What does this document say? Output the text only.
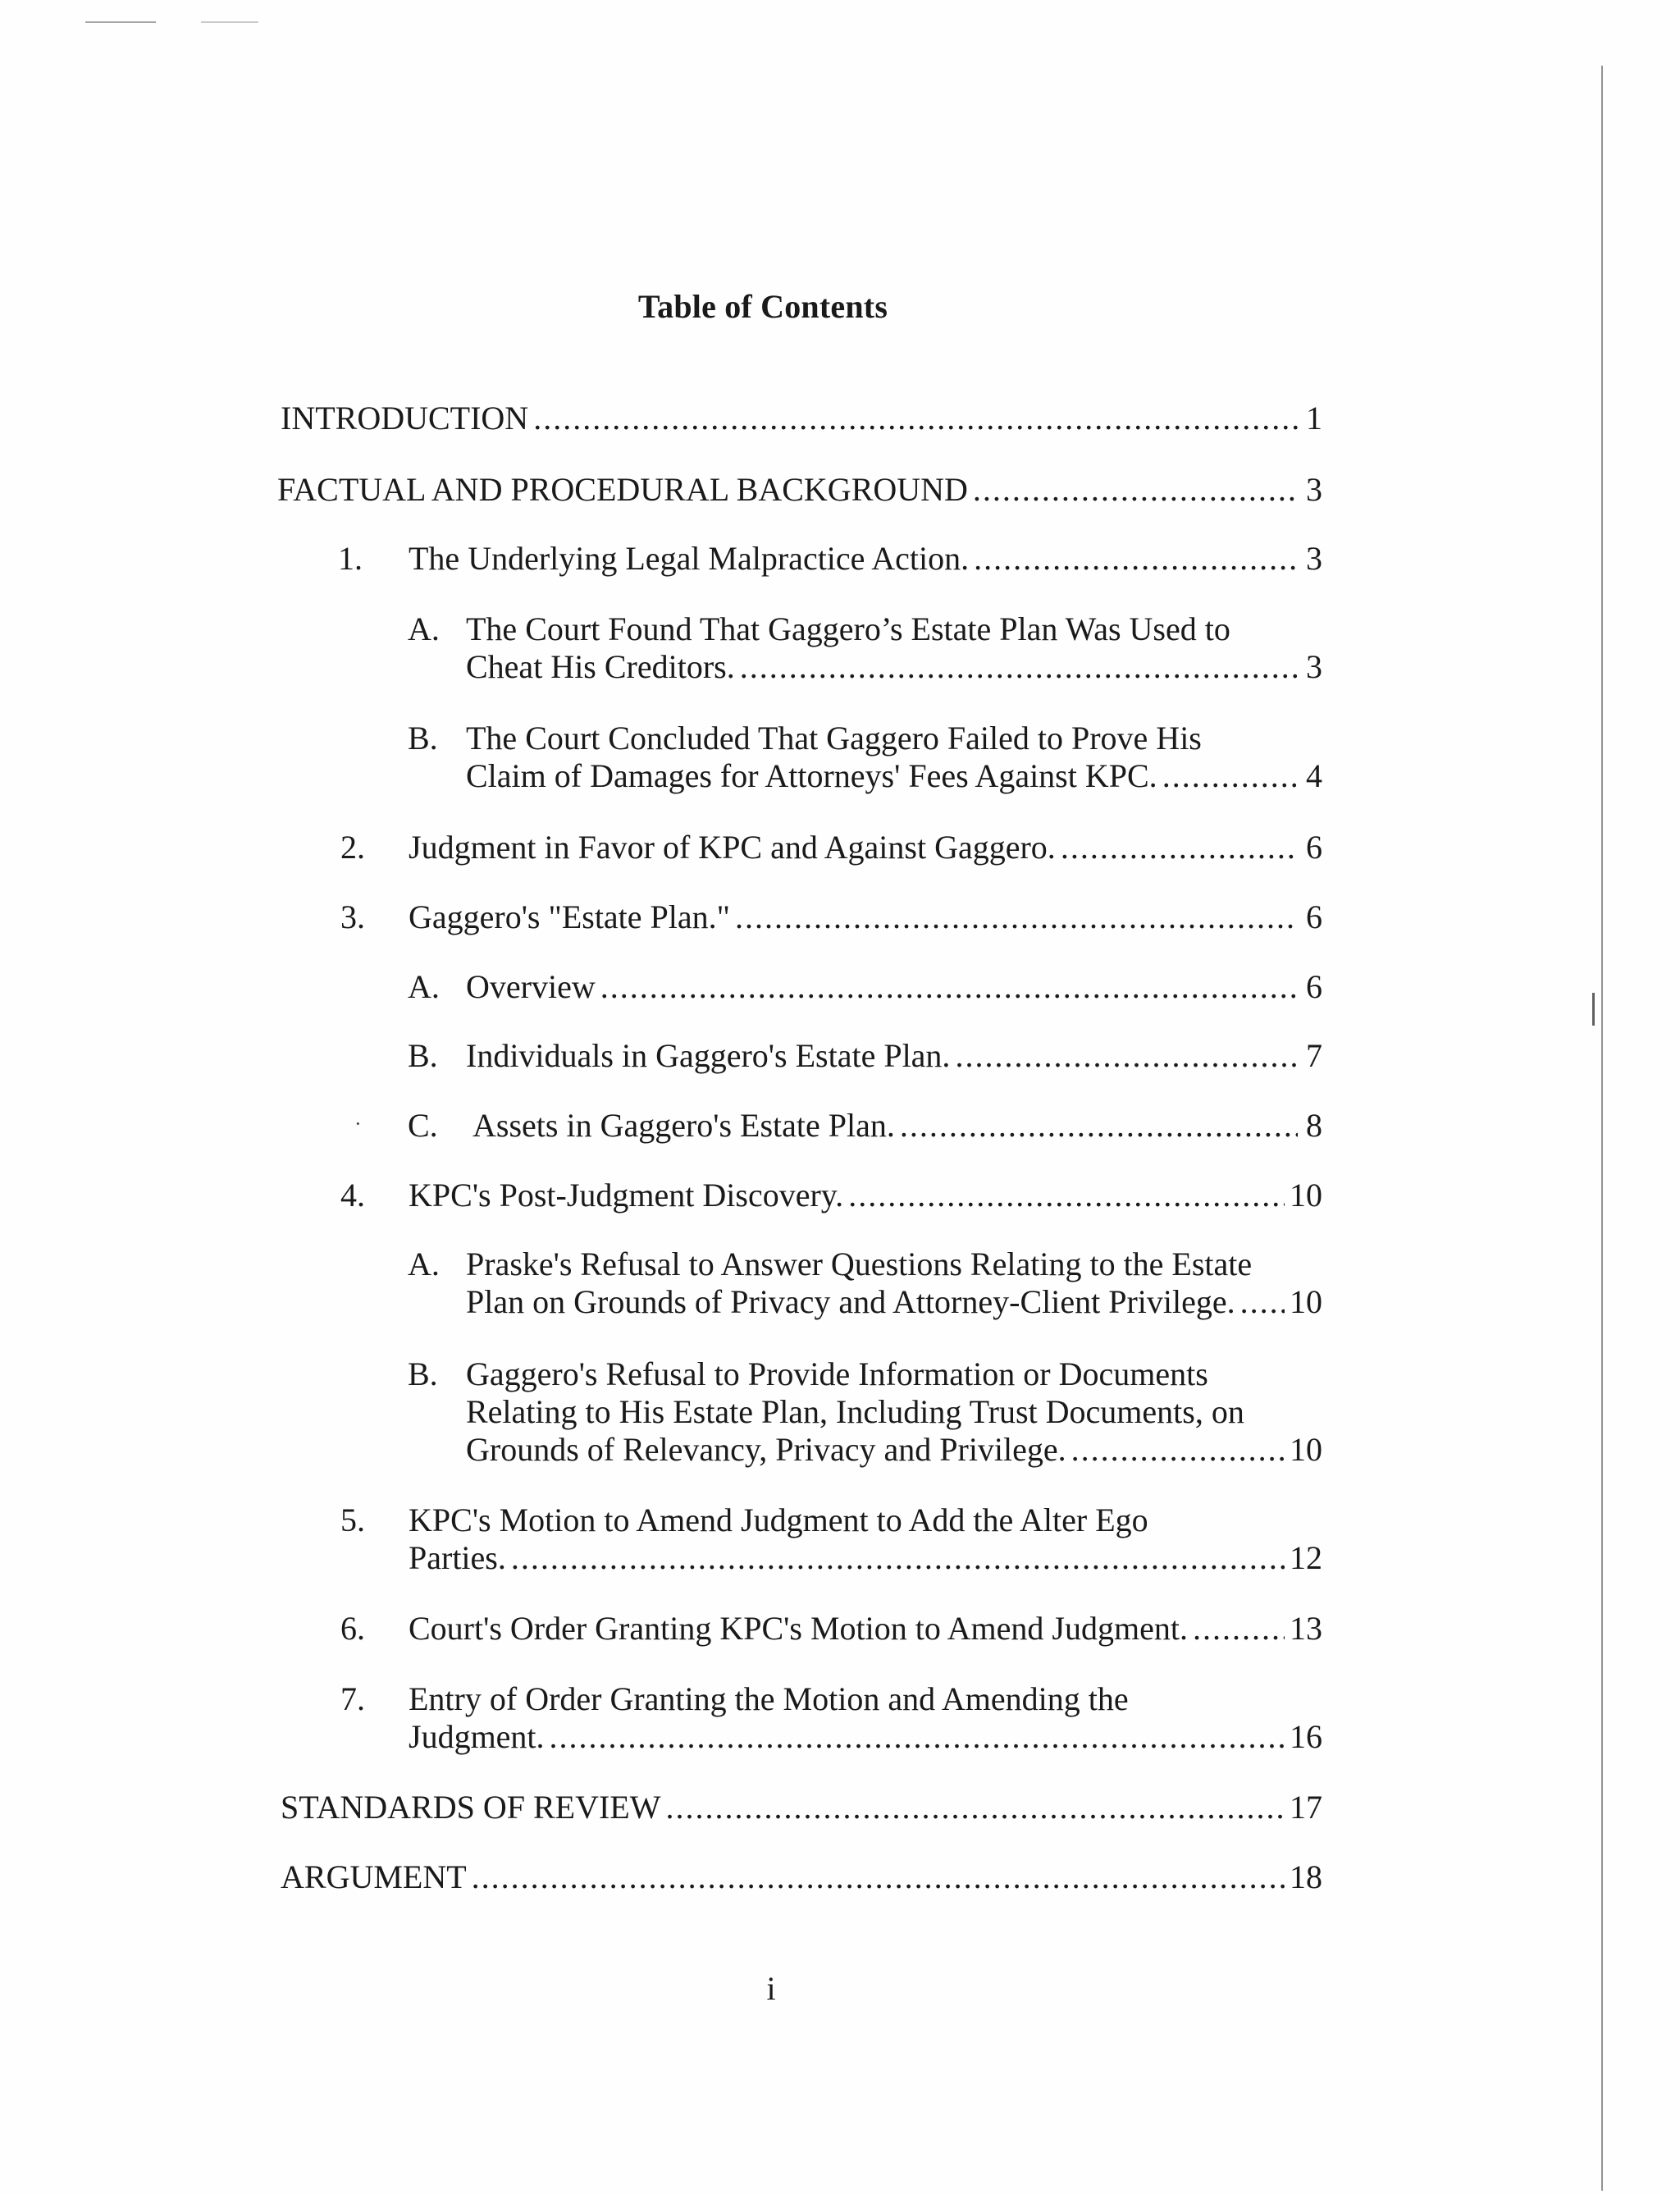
Table of Contents
INTRODUCTION .....	1
FACTUAL AND PROCEDURAL BACKGROUND .....	3
1. The Underlying Legal Malpractice Action. .....	3
A. The Court Found That Gaggero’s Estate Plan Was Used to
Cheat His Creditors. .....	3
B. The Court Concluded That Gaggero Failed to Prove His
Claim of Damages for Attorneys' Fees Against KPC. .....	4
2. Judgment in Favor of KPC and Against Gaggero. .....	6
3. Gaggero's "Estate Plan." .....	6
A. Overview .....	6
B. Individuals in Gaggero's Estate Plan. .....	7
· C. Assets in Gaggero's Estate Plan. .....	8
4. KPC's Post-Judgment Discovery. .....	10
A. Praske's Refusal to Answer Questions Relating to the Estate
Plan on Grounds of Privacy and Attorney-Client Privilege. ..... 10
B. Gaggero's Refusal to Provide Information or Documents
Relating to His Estate Plan, Including Trust Documents, on
Grounds of Relevancy, Privacy and Privilege. .....	10
5. KPC's Motion to Amend Judgment to Add the Alter Ego
Parties. .....	12
6. Court's Order Granting KPC's Motion to Amend Judgment. .....	13
7. Entry of Order Granting the Motion and Amending the
Judgment. .....	16
STANDARDS OF REVIEW .....	17
ARGUMENT .....	18
i
